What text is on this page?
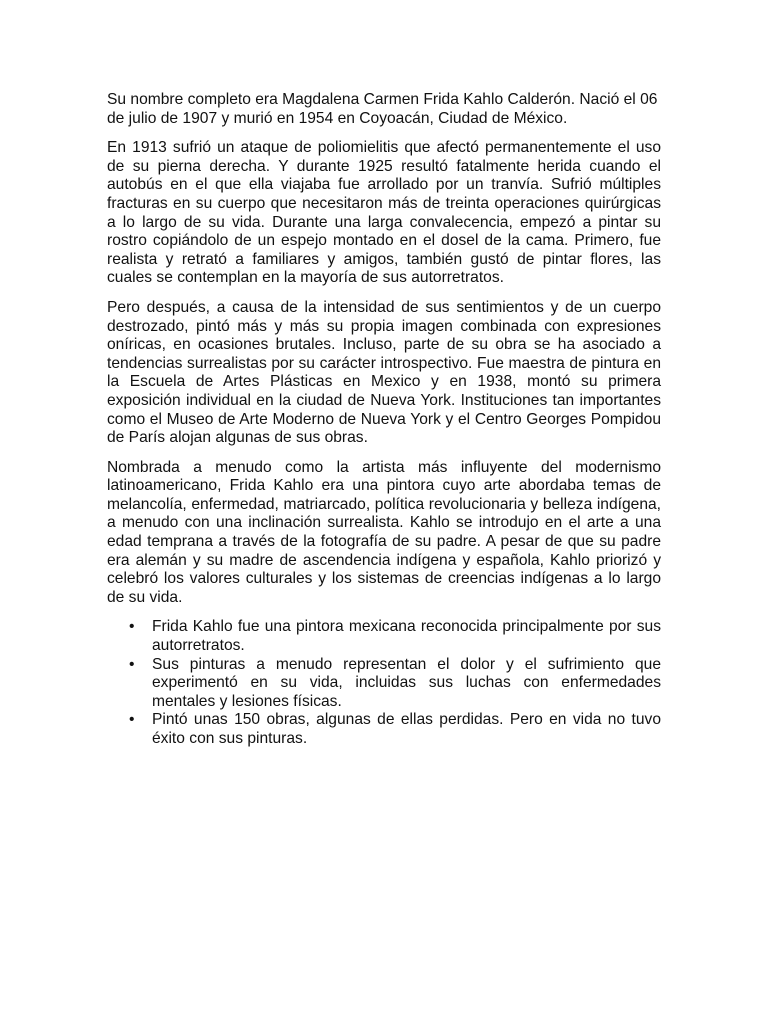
Su nombre completo era Magdalena Carmen Frida Kahlo Calderón. Nació el 06 de julio de 1907 y murió en 1954 en Coyoacán, Ciudad de México.

En 1913 sufrió un ataque de poliomielitis que afectó permanentemente el uso de su pierna derecha. Y durante 1925 resultó fatalmente herida cuando el autobús en el que ella viajaba fue arrollado por un tranvía. Sufrió múltiples fracturas en su cuerpo que necesitaron más de treinta operaciones quirúrgicas a lo largo de su vida. Durante una larga convalecencia, empezó a pintar su rostro copiándolo de un espejo montado en el dosel de la cama. Primero, fue realista y retrató a familiares y amigos, también gustó de pintar flores, las cuales se contemplan en la mayoría de sus autorretratos.

Pero después, a causa de la intensidad de sus sentimientos y de un cuerpo destrozado, pintó más y más su propia imagen combinada con expresiones oníricas, en ocasiones brutales. Incluso, parte de su obra se ha asociado a tendencias surrealistas por su carácter introspectivo. Fue maestra de pintura en la Escuela de Artes Plásticas en Mexico y en 1938, montó su primera exposición individual en la ciudad de Nueva York. Instituciones tan importantes como el Museo de Arte Moderno de Nueva York y el Centro Georges Pompidou de París alojan algunas de sus obras.

Nombrada a menudo como la artista más influyente del modernismo latinoamericano, Frida Kahlo era una pintora cuyo arte abordaba temas de melancolía, enfermedad, matriarcado, política revolucionaria y belleza indígena, a menudo con una inclinación surrealista. Kahlo se introdujo en el arte a una edad temprana a través de la fotografía de su padre. A pesar de que su padre era alemán y su madre de ascendencia indígena y española, Kahlo priorizó y celebró los valores culturales y los sistemas de creencias indígenas a lo largo de su vida.

• Frida Kahlo fue una pintora mexicana reconocida principalmente por sus autorretratos.
• Sus pinturas a menudo representan el dolor y el sufrimiento que experimentó en su vida, incluidas sus luchas con enfermedades mentales y lesiones físicas.
• Pintó unas 150 obras, algunas de ellas perdidas. Pero en vida no tuvo éxito con sus pinturas.
